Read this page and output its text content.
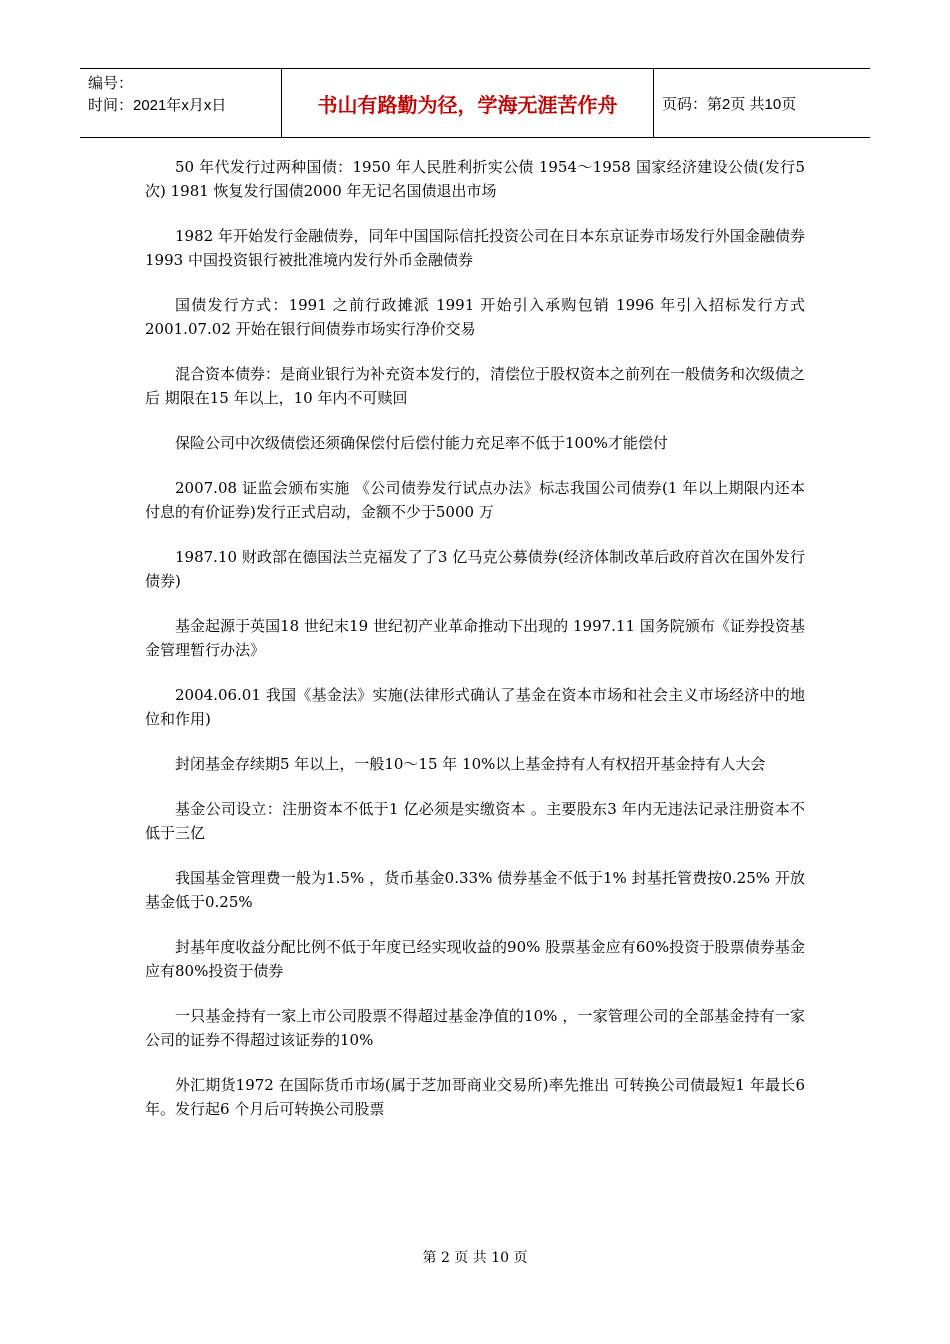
编号：
时间：2021年x月x日	书山有路勤为径，学海无涯苦作舟	页码：第2页 共10页

50 年代发行过两种国债：1950 年人民胜利折实公债 1954～1958 国家经济建设公债(发行5 次) 1981 恢复发行国债2000 年无记名国债退出市场

1982 年开始发行金融债券，同年中国国际信托投资公司在日本东京证券市场发行外国金融债券 1993 中国投资银行被批准境内发行外币金融债券

国债发行方式：1991 之前行政摊派 1991 开始引入承购包销 1996 年引入招标发行方式 2001.07.02 开始在银行间债券市场实行净价交易

混合资本债券：是商业银行为补充资本发行的，清偿位于股权资本之前列在一般债务和次级债之后 期限在15 年以上，10 年内不可赎回

保险公司中次级债偿还须确保偿付后偿付能力充足率不低于100%才能偿付

2007.08 证监会颁布实施 《公司债券发行试点办法》标志我国公司债券(1 年以上期限内还本付息的有价证券)发行正式启动，金额不少于5000 万

1987.10 财政部在德国法兰克福发了了3 亿马克公募债券(经济体制改革后政府首次在国外发行债券)

基金起源于英国18 世纪末19 世纪初产业革命推动下出现的 1997.11 国务院颁布《证券投资基金管理暂行办法》

2004.06.01 我国《基金法》实施(法律形式确认了基金在资本市场和社会主义市场经济中的地位和作用)

封闭基金存续期5 年以上，一般10～15 年 10%以上基金持有人有权招开基金持有人大会

基金公司设立：注册资本不低于1 亿必须是实缴资本 。主要股东3 年内无违法记录注册资本不低于三亿

我国基金管理费一般为1.5% ，货币基金0.33% 债券基金不低于1% 封基托管费按0.25% 开放基金低于0.25%

封基年度收益分配比例不低于年度已经实现收益的90% 股票基金应有60%投资于股票债券基金应有80%投资于债券

一只基金持有一家上市公司股票不得超过基金净值的10% ，一家管理公司的全部基金持有一家公司的证券不得超过该证券的10%

外汇期货1972 在国际货币市场(属于芝加哥商业交易所)率先推出 可转换公司债最短1 年最长6 年。发行起6 个月后可转换公司股票

第 2 页 共 10 页
